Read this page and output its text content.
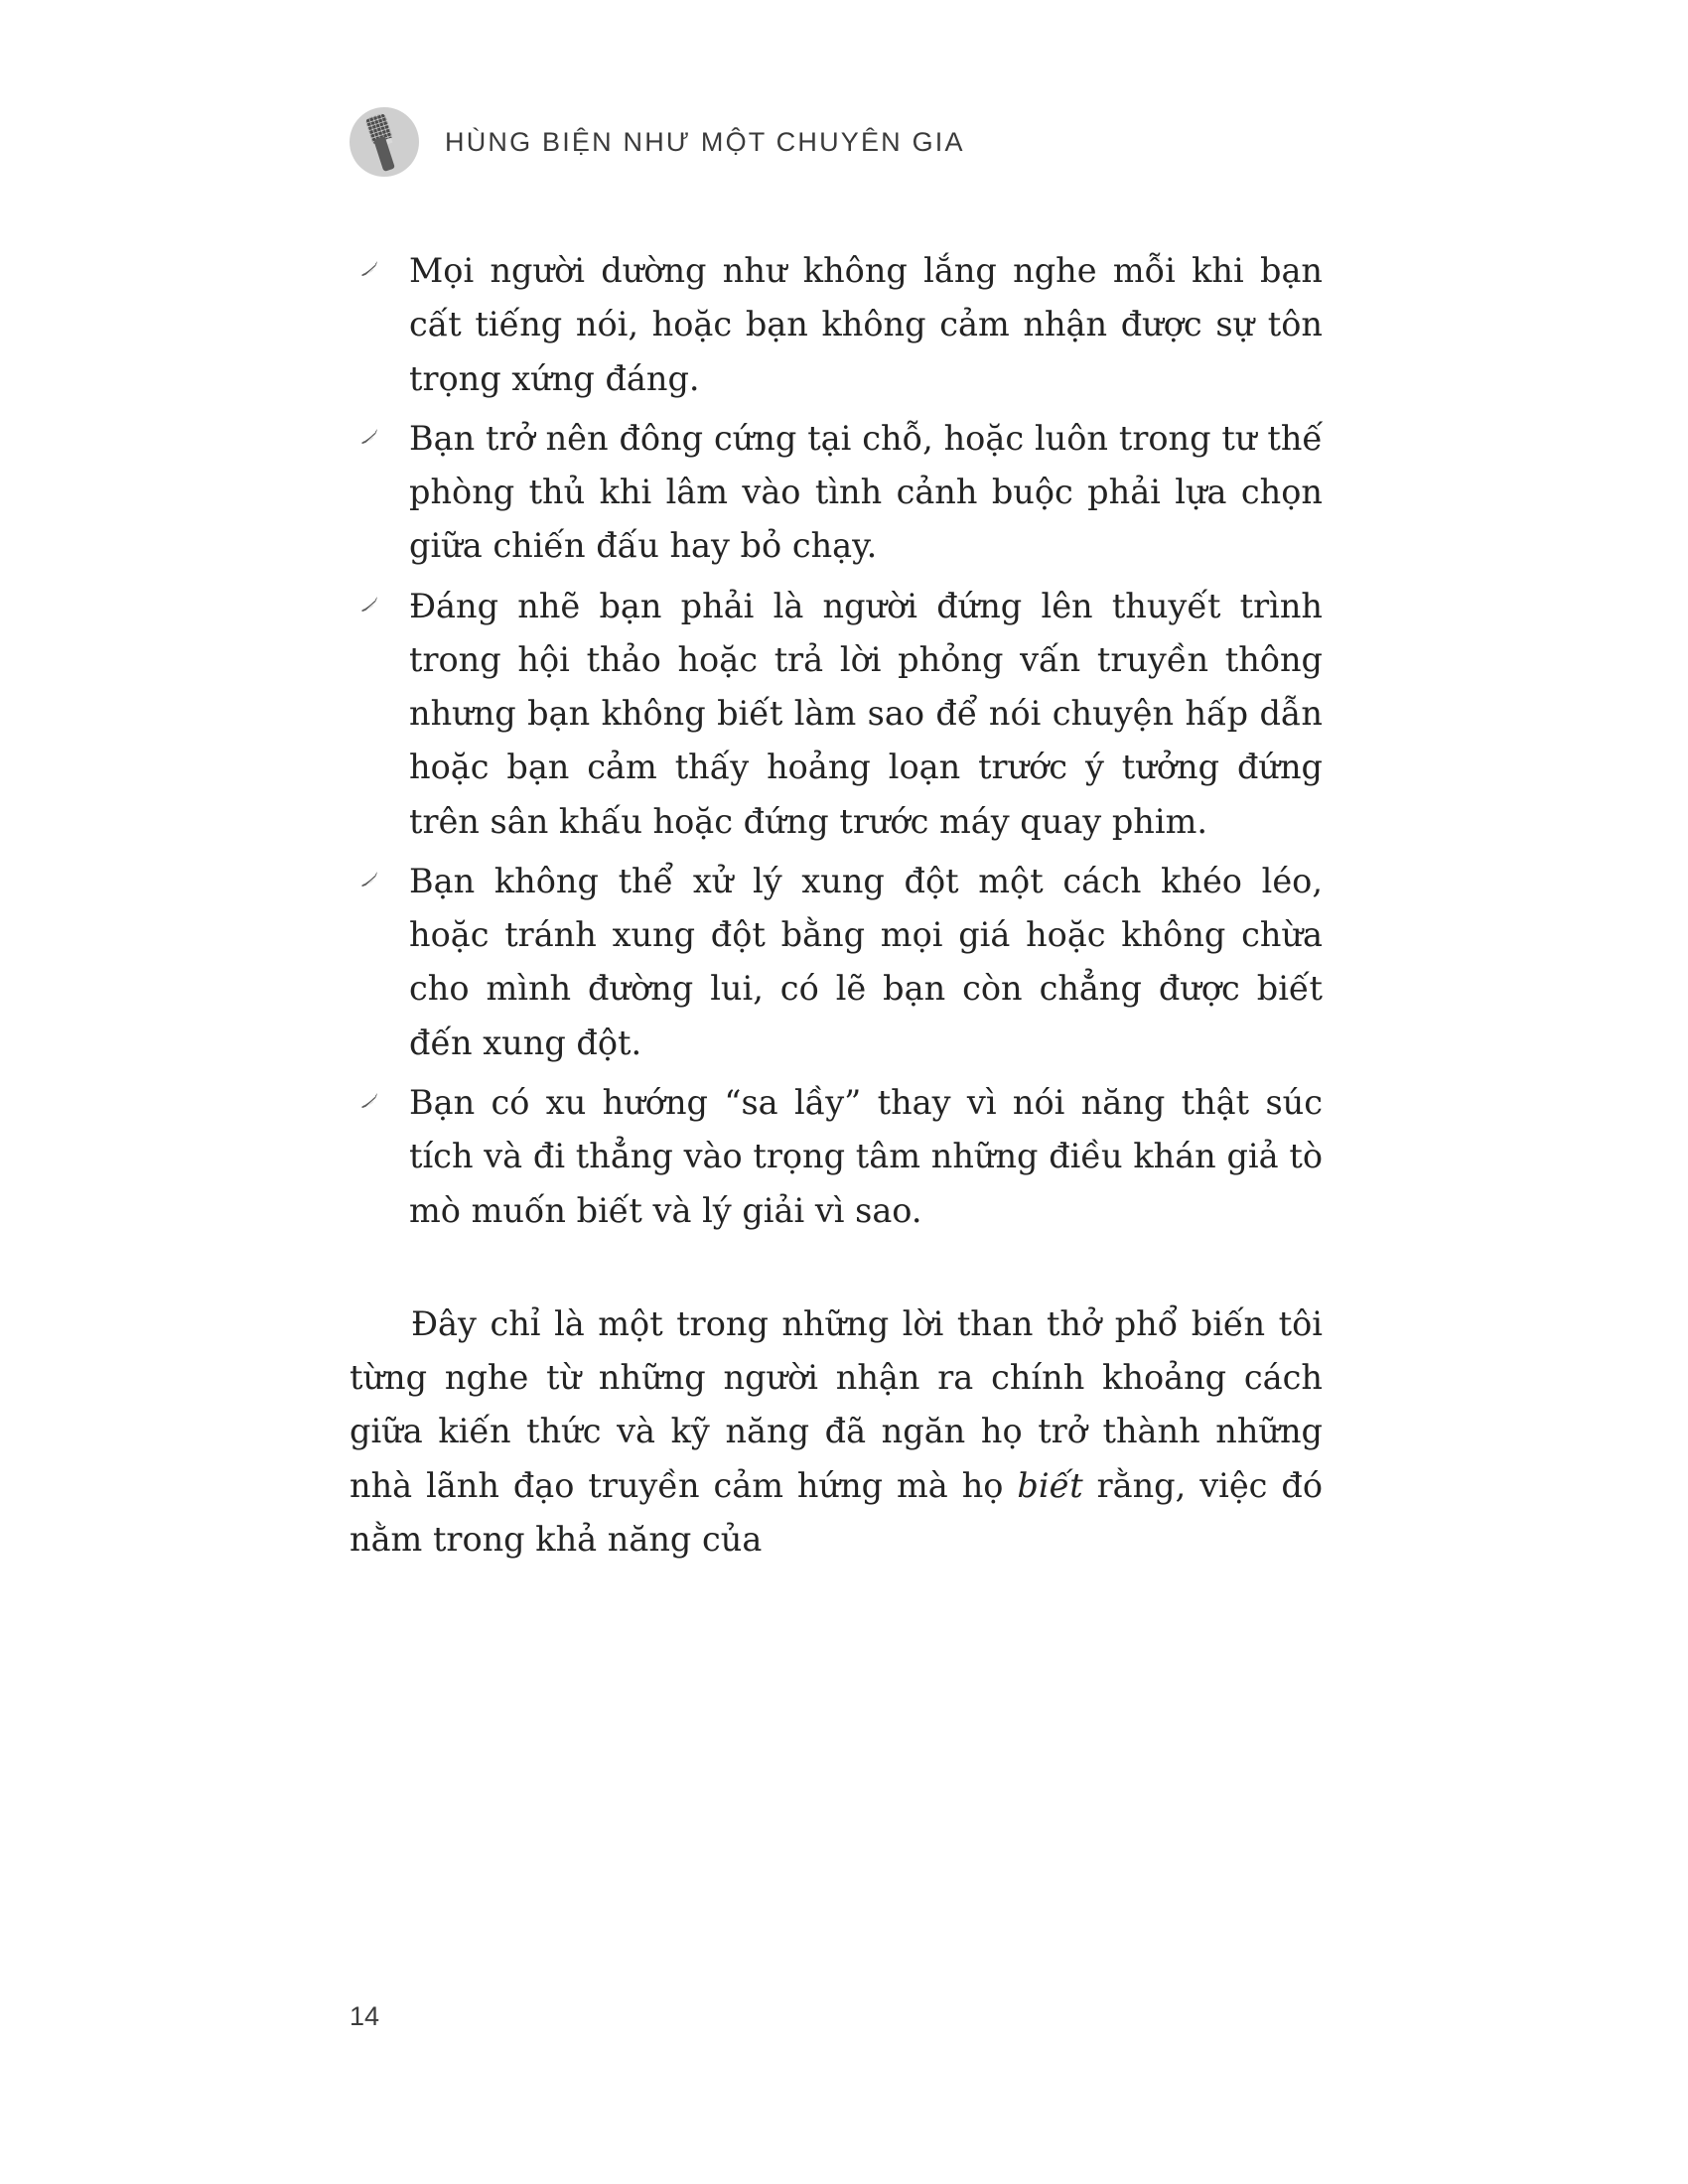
HÙNG BIỆN NHƯ MỘT CHUYÊN GIA
Mọi người dường như không lắng nghe mỗi khi bạn cất tiếng nói, hoặc bạn không cảm nhận được sự tôn trọng xứng đáng.
Bạn trở nên đông cứng tại chỗ, hoặc luôn trong tư thế phòng thủ khi lâm vào tình cảnh buộc phải lựa chọn giữa chiến đấu hay bỏ chạy.
Đáng nhẽ bạn phải là người đứng lên thuyết trình trong hội thảo hoặc trả lời phỏng vấn truyền thông nhưng bạn không biết làm sao để nói chuyện hấp dẫn hoặc bạn cảm thấy hoảng loạn trước ý tưởng đứng trên sân khấu hoặc đứng trước máy quay phim.
Bạn không thể xử lý xung đột một cách khéo léo, hoặc tránh xung đột bằng mọi giá hoặc không chừa cho mình đường lui, có lẽ bạn còn chẳng được biết đến xung đột.
Bạn có xu hướng “sa lầy” thay vì nói năng thật súc tích và đi thẳng vào trọng tâm những điều khán giả tò mò muốn biết và lý giải vì sao.

Đây chỉ là một trong những lời than thở phổ biến tôi từng nghe từ những người nhận ra chính khoảng cách giữa kiến thức và kỹ năng đã ngăn họ trở thành những nhà lãnh đạo truyền cảm hứng mà họ biết rằng, việc đó nằm trong khả năng của

14
